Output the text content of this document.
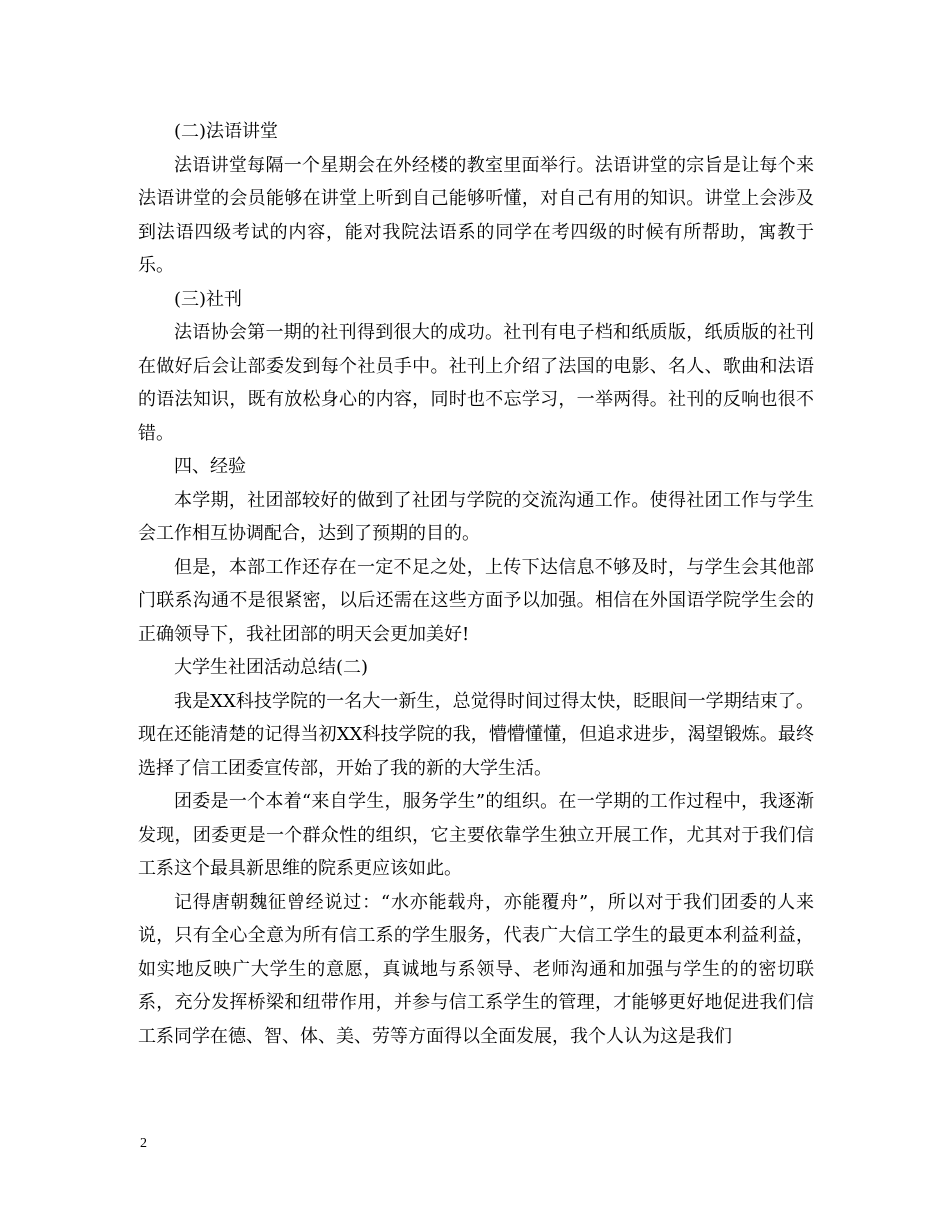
(二)法语讲堂

法语讲堂每隔一个星期会在外经楼的教室里面举行。法语讲堂的宗旨是让每个来法语讲堂的会员能够在讲堂上听到自己能够听懂，对自己有用的知识。讲堂上会涉及到法语四级考试的内容，能对我院法语系的同学在考四级的时候有所帮助，寓教于乐。

(三)社刊

法语协会第一期的社刊得到很大的成功。社刊有电子档和纸质版，纸质版的社刊在做好后会让部委发到每个社员手中。社刊上介绍了法国的电影、名人、歌曲和法语的语法知识，既有放松身心的内容，同时也不忘学习，一举两得。社刊的反响也很不错。

四、经验

本学期，社团部较好的做到了社团与学院的交流沟通工作。使得社团工作与学生会工作相互协调配合，达到了预期的目的。

但是，本部工作还存在一定不足之处，上传下达信息不够及时，与学生会其他部门联系沟通不是很紧密，以后还需在这些方面予以加强。相信在外国语学院学生会的正确领导下，我社团部的明天会更加美好!

大学生社团活动总结(二)

我是XX科技学院的一名大一新生，总觉得时间过得太快，眨眼间一学期结束了。现在还能清楚的记得当初XX科技学院的我，懵懵懂懂，但追求进步，渴望锻炼。最终选择了信工团委宣传部，开始了我的新的大学生活。

团委是一个本着“来自学生，服务学生”的组织。在一学期的工作过程中，我逐渐发现，团委更是一个群众性的组织，它主要依靠学生独立开展工作，尤其对于我们信工系这个最具新思维的院系更应该如此。

记得唐朝魏征曾经说过：“水亦能载舟，亦能覆舟”，所以对于我们团委的人来说，只有全心全意为所有信工系的学生服务，代表广大信工学生的最更本利益利益，如实地反映广大学生的意愿，真诚地与系领导、老师沟通和加强与学生的的密切联系，充分发挥桥梁和纽带作用，并参与信工系学生的管理，才能够更好地促进我们信工系同学在德、智、体、美、劳等方面得以全面发展，我个人认为这是我们

2
